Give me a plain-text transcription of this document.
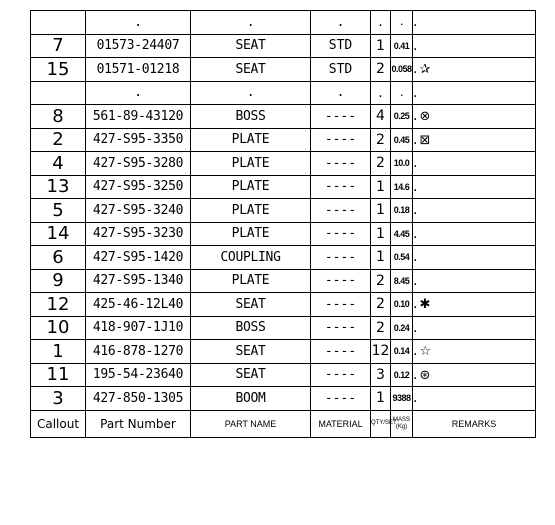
	.	.	.	.	.	.
7	01573-24407	SEAT	STD	1	0.41	.
15	01571-01218	SEAT	STD	2	0.058	. ✰
	.	.	.	.	.	.
8	561-89-43120	BOSS	----	4	0.25	. ⊗
2	427-S95-3350	PLATE	----	2	0.45	. ⊠
4	427-S95-3280	PLATE	----	2	10.0	.
13	427-S95-3250	PLATE	----	1	14.6	.
5	427-S95-3240	PLATE	----	1	0.18	.
14	427-S95-3230	PLATE	----	1	4.45	.
6	427-S95-1420	COUPLING	----	1	0.54	.
9	427-S95-1340	PLATE	----	2	8.45	.
12	425-46-12L40	SEAT	----	2	0.10	. ✱
10	418-907-1J10	BOSS	----	2	0.24	.
1	416-878-1270	SEAT	----	12	0.14	. ☆
11	195-54-23640	SEAT	----	3	0.12	. ⊛
3	427-850-1305	BOOM	----	1	9388	.
Callout	Part Number	PART NAME	MATERIAL	QTY/SET	MASS (Kg)	REMARKS
